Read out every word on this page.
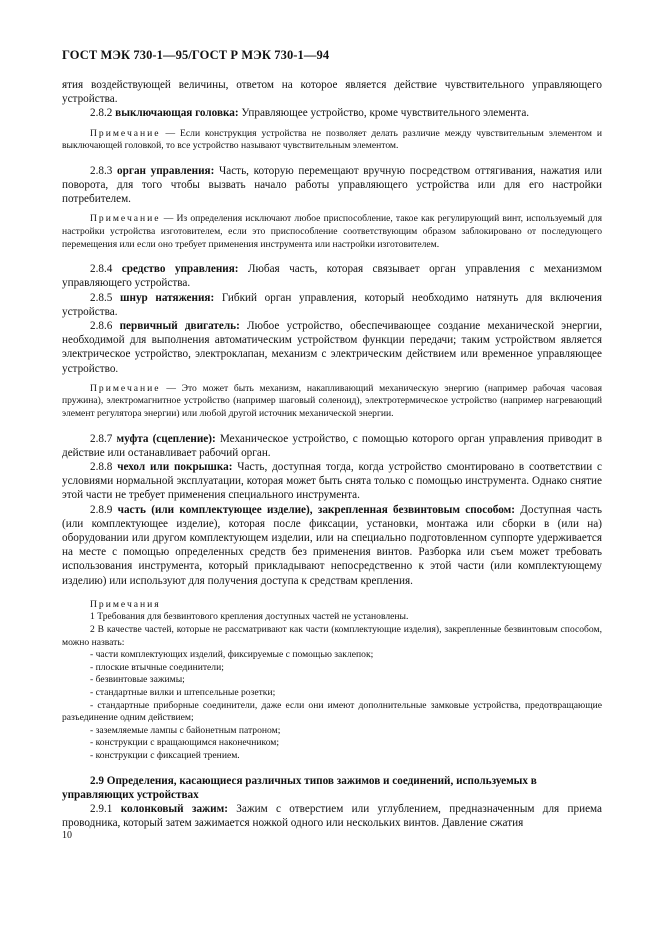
ГОСТ МЭК 730-1—95/ГОСТ Р МЭК 730-1—94

ятия воздействующей величины, ответом на которое является действие чувствительного управляющего устройства.

2.8.2 выключающая головка: Управляющее устройство, кроме чувствительного элемента.

Примечание — Если конструкция устройства не позволяет делать различие между чувствительным элементом и выключающей головкой, то все устройство называют чувствительным элементом.

2.8.3 орган управления: Часть, которую перемещают вручную посредством оттягивания, нажатия или поворота, для того чтобы вызвать начало работы управляющего устройства или для его настройки потребителем.

Примечание — Из определения исключают любое приспособление, такое как регулирующий винт, используемый для настройки устройства изготовителем, если это приспособление соответствующим образом заблокировано от последующего перемещения или если оно требует применения инструмента или настройки изготовителем.

2.8.4 средство управления: Любая часть, которая связывает орган управления с механизмом управляющего устройства.

2.8.5 шнур натяжения: Гибкий орган управления, который необходимо натянуть для включения устройства.

2.8.6 первичный двигатель: Любое устройство, обеспечивающее создание механической энергии, необходимой для выполнения автоматическим устройством функции передачи; таким устройством является электрическое устройство, электроклапан, механизм с электрическим действием или временное управляющее устройство.

Примечание — Это может быть механизм, накапливающий механическую энергию (например рабочая часовая пружина), электромагнитное устройство (например шаговый соленоид), электротермическое устройство (например нагревающий элемент регулятора энергии) или любой другой источник механической энергии.

2.8.7 муфта (сцепление): Механическое устройство, с помощью которого орган управления приводит в действие или останавливает рабочий орган.

2.8.8 чехол или покрышка: Часть, доступная тогда, когда устройство смонтировано в соответствии с условиями нормальной эксплуатации, которая может быть снята только с помощью инструмента. Однако снятие этой части не требует применения специального инструмента.

2.8.9 часть (или комплектующее изделие), закрепленная безвинтовым способом: Доступная часть (или комплектующее изделие), которая после фиксации, установки, монтажа или сборки в (или на) оборудовании или другом комплектующем изделии, или на специально подготовленном суппорте удерживается на месте с помощью определенных средств без применения винтов. Разборка или съем может требовать использования инструмента, который прикладывают непосредственно к этой части (или комплектующему изделию) или используют для получения доступа к средствам крепления.

Примечания

1 Требования для безвинтового крепления доступных частей не установлены.

2 В качестве частей, которые не рассматривают как части (комплектующие изделия), закрепленные безвинтовым способом, можно назвать:

- части комплектующих изделий, фиксируемые с помощью заклепок;

- плоские втычные соединители;

- безвинтовые зажимы;

- стандартные вилки и штепсельные розетки;

- стандартные приборные соединители, даже если они имеют дополнительные замковые устройства, предотвращающие разъединение одним действием;

- заземляемые лампы с байонетным патроном;

- конструкции с вращающимся наконечником;

- конструкции с фиксацией трением.

2.9 Определения, касающиеся различных типов зажимов и соединений, используемых в управляющих устройствах

2.9.1 колонковый зажим: Зажим с отверстием или углублением, предназначенным для приема проводника, который затем зажимается ножкой одного или нескольких винтов. Давление сжатия

10
